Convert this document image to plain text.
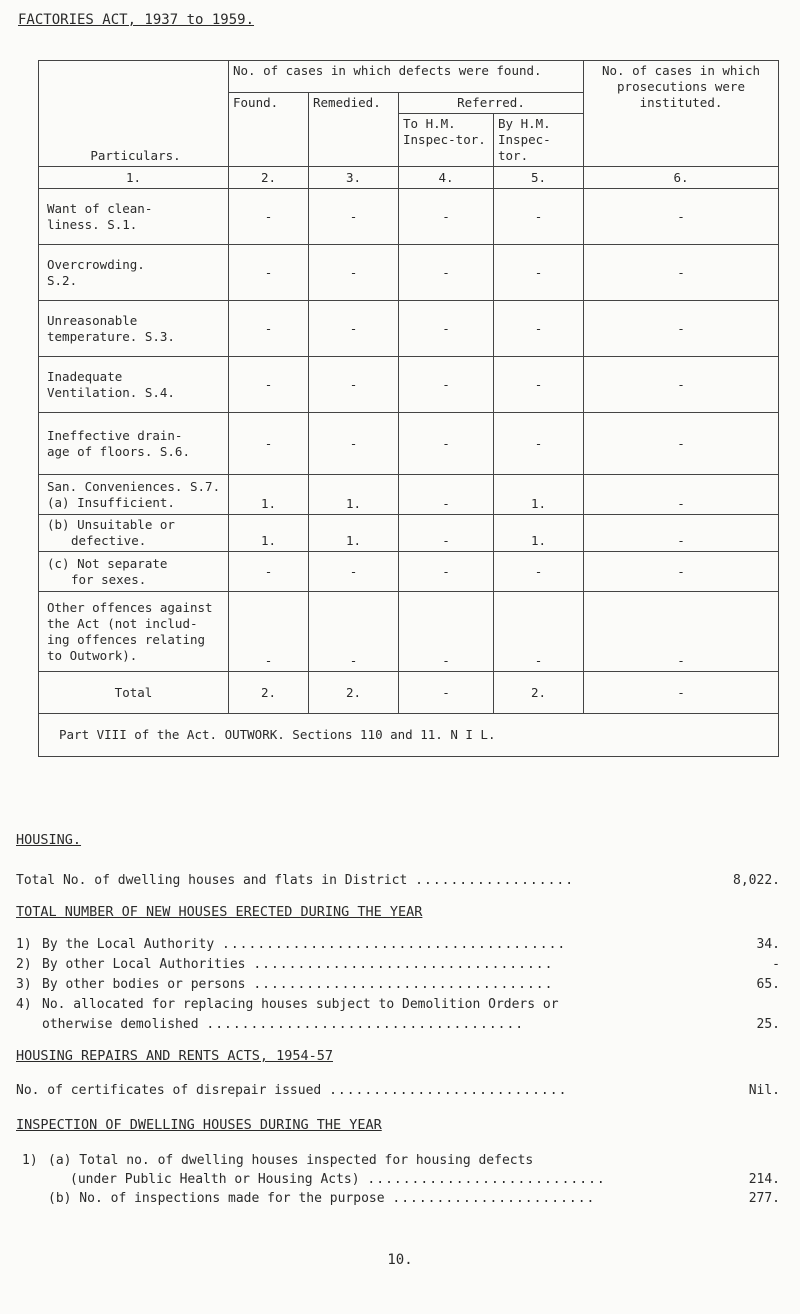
FACTORIES ACT, 1937 to 1959.
Particulars.	No. of cases in which defects were found.				No. of cases in which prosecutions were instituted.
	Found.	Remedied.	Referred.		
			To H.M. Inspec-tor.	By H.M. Inspec-tor.	
1.	2.	3.	4.	5.	6.

Want of clean-
liness. S.1.	-	-	-	-	-

Overcrowding.
S.2.	-	-	-	-	-

Unreasonable
temperature. S.3.	-	-	-	-	-

Inadequate
Ventilation. S.4.	-	-	-	-	-

Ineffective drain-
age of floors. S.6.	-	-	-	-	-

San. Conveniences. S.7.
(a) Insufficient.	1.	1.	-	1.	-

(b) Unsuitable or
defective.	1.	1.	-	1.	-

(c) Not separate
for sexes.	-	-	-	-	-

Other offences against
the Act (not includ-
ing offences relating
to Outwork).	-	-	-	-	-
Total	2.	2.	-	2.	-
Part VIII of the Act. OUTWORK. Sections 110 and 11. N I L.					
HOUSING.
Total No. of dwelling houses and flats in District ..................	8,022.
TOTAL NUMBER OF NEW HOUSES ERECTED DURING THE YEAR
1) By the Local Authority .......................................	34.
2) By other Local Authorities ..................................	-
3) By other bodies or persons ..................................	65.
4) No. allocated for replacing houses subject to Demolition Orders or
otherwise demolished ....................................	25.
HOUSING REPAIRS AND RENTS ACTS, 1954-57
No. of certificates of disrepair issued ...........................	Nil.
INSPECTION OF DWELLING HOUSES DURING THE YEAR
1) (a) Total no. of dwelling houses inspected for housing defects
(under Public Health or Housing Acts) ...........................	214.
(b) No. of inspections made for the purpose .......................	277.
10.
